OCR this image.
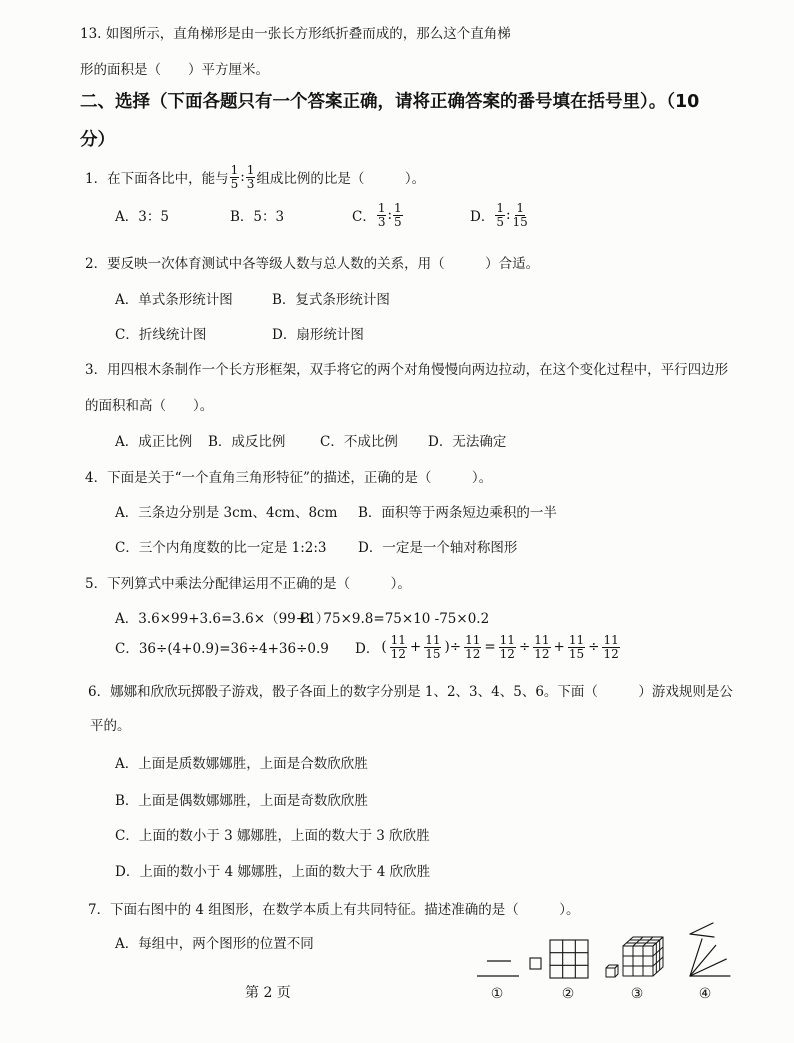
13. 如图所示，直角梯形是由一张长方形纸折叠而成的，那么这个直角梯
形的面积是（　　）平方厘米。
二、选择（下面各题只有一个答案正确，请将正确答案的番号填在括号里）。（10
分）
1．在下面各比中，能与 $\frac{1}{5}$ : $\frac{1}{3}$ 组成比例的比是（　　　）。
A．3：5	B．5：3	C． $\frac{1}{3}$ : $\frac{1}{5}$	D． $\frac{1}{5}$ : $\frac{1}{15}$
2．要反映一次体育测试中各等级人数与总人数的关系，用（　　　）合适。
A．单式条形统计图	B．复式条形统计图
C．折线统计图	D．扇形统计图
3．用四根木条制作一个长方形框架，双手将它的两个对角慢慢向两边拉动，在这个变化过程中，平行四边形
的面积和高（　　）。
A．成正比例 B．成反比例	C．不成比例 D．无法确定
4．下面是关于“一个直角三角形特征”的描述，正确的是（　　　）。
A．三条边分别是 3cm、4cm、8cm B．面积等于两条短边乘积的一半
C．三个内角度数的比一定是 1:2:3 D．一定是一个轴对称图形
5．下列算式中乘法分配律运用不正确的是（　　　）。
A．3.6×99+3.6=3.6×（99+1）
B．75×9.8=75×10 -75×0.2
C．36÷(4+0.9)=36÷4+36÷0.9 D． ( $\frac{11}{12} + \frac{11}{15}$ )÷ $\frac{11}{12} = \frac{11}{12} \div \frac{11}{12} + \frac{11}{15} \div \frac{11}{12}$
6．娜娜和欣欣玩掷骰子游戏，骰子各面上的数字分别是 1、2、3、4、5、6。下面（　　　）游戏规则是公
平的。
A．上面是质数娜娜胜，上面是合数欣欣胜
B．上面是偶数娜娜胜，上面是奇数欣欣胜
C．上面的数小于 3 娜娜胜，上面的数大于 3 欣欣胜
D．上面的数小于 4 娜娜胜，上面的数大于 4 欣欣胜
7．下面右图中的 4 组图形，在数学本质上有共同特征。描述准确的是（　　　）。
A．每组中，两个图形的位置不同
①	②	③	④
第 2 页
